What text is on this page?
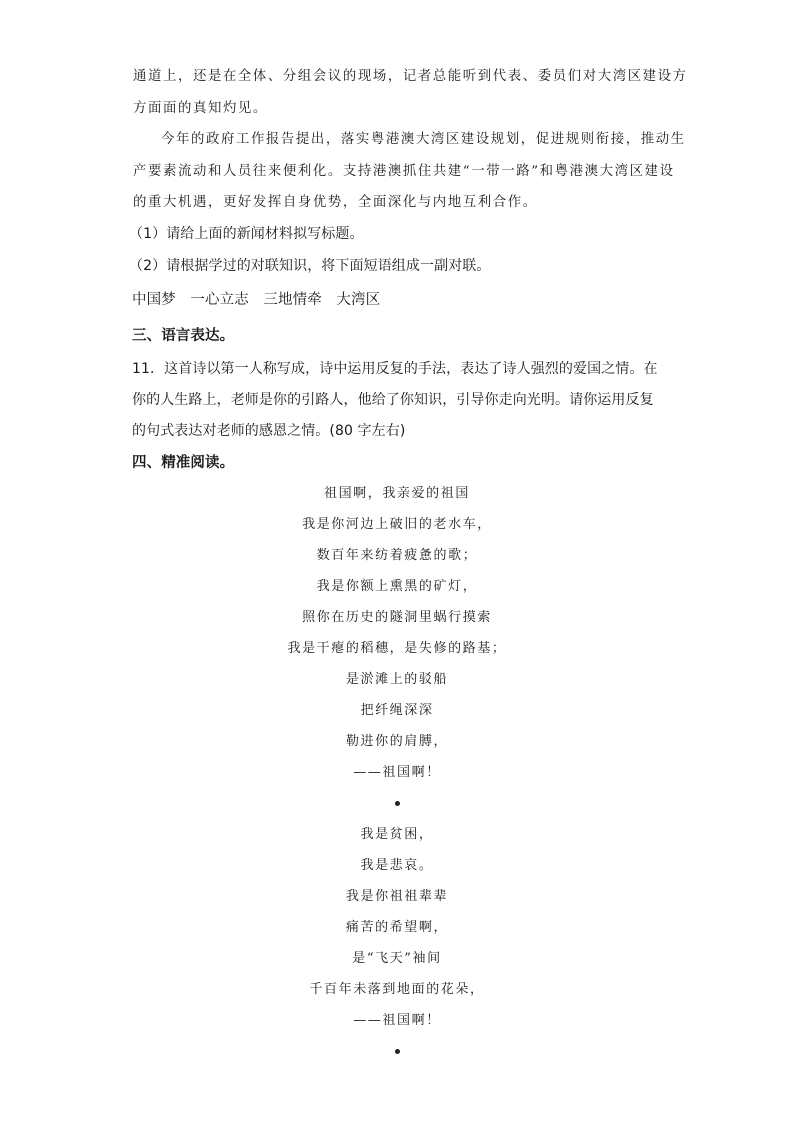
通道上，还是在全体、分组会议的现场，记者总能听到代表、委员们对大湾区建设方
方面面的真知灼见。
今年的政府工作报告提出，落实粤港澳大湾区建设规划，促进规则衔接，推动生
产要素流动和人员往来便利化。支持港澳抓住共建“一带一路”和粤港澳大湾区建设
的重大机遇，更好发挥自身优势，全面深化与内地互利合作。
（1）请给上面的新闻材料拟写标题。
（2）请根据学过的对联知识，将下面短语组成一副对联。
中国梦　一心立志　三地情牵　大湾区
三、语言表达。
11．这首诗以第一人称写成，诗中运用反复的手法，表达了诗人强烈的爱国之情。在
你的人生路上，老师是你的引路人，他给了你知识，引导你走向光明。请你运用反复
的句式表达对老师的感恩之情。(80 字左右)
四、精准阅读。
祖国啊，我亲爱的祖国
我是你河边上破旧的老水车，
数百年来纺着疲惫的歌；
我是你额上熏黑的矿灯，
照你在历史的隧洞里蜗行摸索
我是干瘪的稻穗，是失修的路基；
是淤滩上的驳船
把纤绳深深
勒进你的肩膊，
——祖国啊！
我是贫困，
我是悲哀。
我是你祖祖辈辈
痛苦的希望啊，
是“飞天”袖间
千百年未落到地面的花朵，
——祖国啊！
